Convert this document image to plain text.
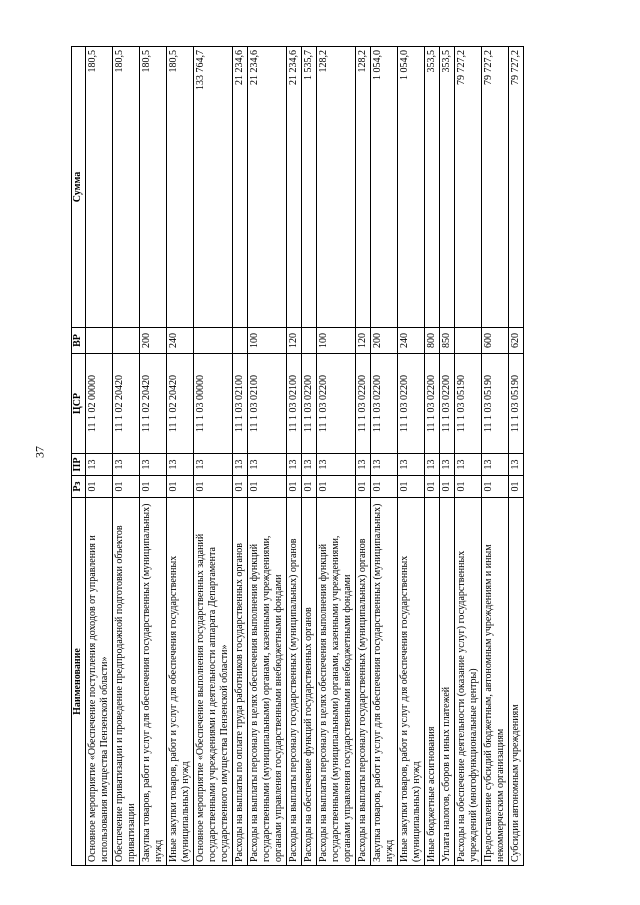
37
Наименование	Рз	ПР	ЦСР	ВР	Сумма
Основное мероприятие «Обеспечение поступления доходов от управления и использования имущества Пензенской области»	01	13	11 1 02 00000		180,5
Обеспечение приватизации и проведение предпродажной подготовки объектов приватизации	01	13	11 1 02 20420		180,5
Закупка товаров, работ и услуг для обеспечения государственных (муниципальных) нужд	01	13	11 1 02 20420	200	180,5
Иные закупки товаров, работ и услуг для обеспечения государственных (муниципальных) нужд	01	13	11 1 02 20420	240	180,5
Основное мероприятие «Обеспечение выполнения государственных заданий государственными учреждениями и деятельности аппарата Департамента государственного имущества Пензенской области»	01	13	11 1 03 00000		133 764,7
Расходы на выплаты по оплате труда работников государственных органов	01	13	11 1 03 02100		21 234,6
Расходы на выплаты персоналу в целях обеспечения выполнения функций государственными (муниципальными) органами, казенными учреждениями, органами управления государственными внебюджетными фондами	01	13	11 1 03 02100	100	21 234,6
Расходы на выплаты персоналу государственных (муниципальных) органов	01	13	11 1 03 02100	120	21 234,6
Расходы на обеспечение функций государственных органов	01	13	11 1 03 02200		1 535,7
Расходы на выплаты персоналу в целях обеспечения выполнения функций государственными (муниципальными) органами, казенными учреждениями, органами управления государственными внебюджетными фондами	01	13	11 1 03 02200	100	128,2
Расходы на выплаты персоналу государственных (муниципальных) органов	01	13	11 1 03 02200	120	128,2
Закупка товаров, работ и услуг для обеспечения государственных (муниципальных) нужд	01	13	11 1 03 02200	200	1 054,0
Иные закупки товаров, работ и услуг для обеспечения государственных (муниципальных) нужд	01	13	11 1 03 02200	240	1 054,0
Иные бюджетные ассигнования	01	13	11 1 03 02200	800	353,5
Уплата налогов, сборов и иных платежей	01	13	11 1 03 02200	850	353,5
Расходы на обеспечение деятельности (оказание услуг) государственных учреждений (многофункциональные центры)	01	13	11 1 03 05190		79 727,2
Предоставление субсидий бюджетным, автономным учреждениям и иным некоммерческим организациям	01	13	11 1 03 05190	600	79 727,2
Субсидии автономным учреждениям	01	13	11 1 03 05190	620	79 727,2
